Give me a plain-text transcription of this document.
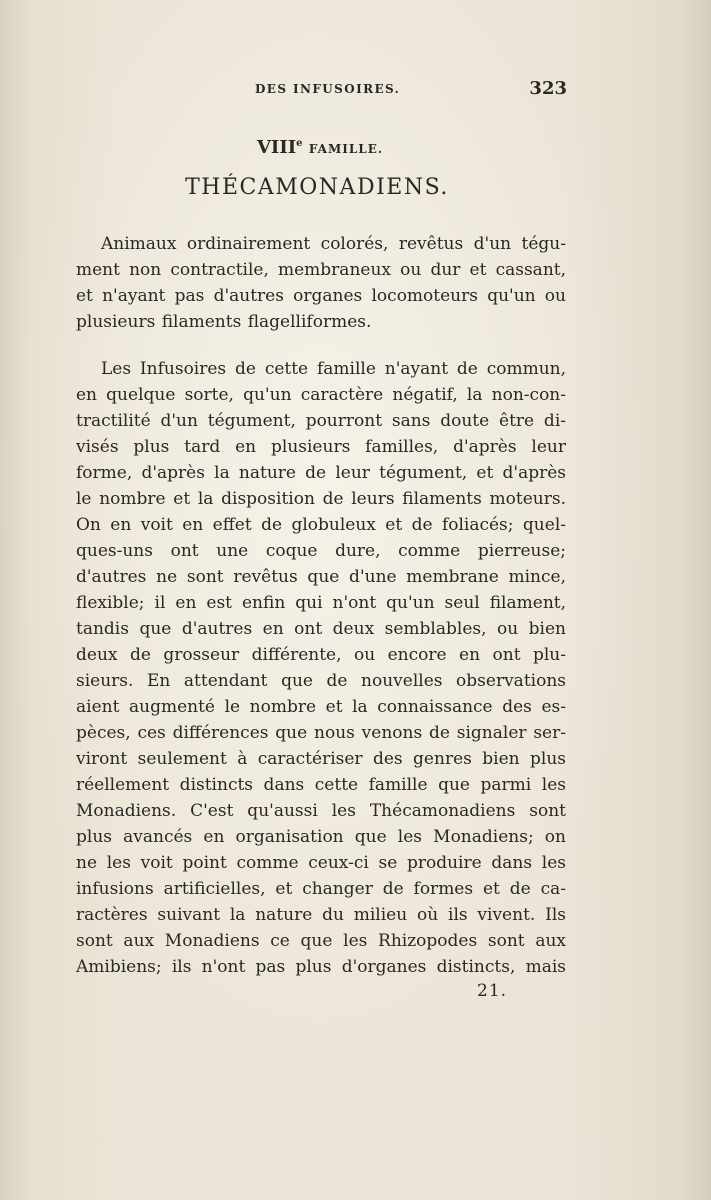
DES INFUSOIRES.	323
VIIIe FAMILLE.
THÉCAMONADIENS.
Animaux ordinairement colorés, revêtus d'un tégu-
ment non contractile, membraneux ou dur et cassant,
et n'ayant pas d'autres organes locomoteurs qu'un ou
plusieurs filaments flagelliformes.
Les Infusoires de cette famille n'ayant de commun,
en quelque sorte, qu'un caractère négatif, la non-con-
tractilité d'un tégument, pourront sans doute être di-
visés plus tard en plusieurs familles, d'après leur
forme, d'après la nature de leur tégument, et d'après
le nombre et la disposition de leurs filaments moteurs.
On en voit en effet de globuleux et de foliacés; quel-
ques-uns ont une coque dure, comme pierreuse;
d'autres ne sont revêtus que d'une membrane mince,
flexible; il en est enfin qui n'ont qu'un seul filament,
tandis que d'autres en ont deux semblables, ou bien
deux de grosseur différente, ou encore en ont plu-
sieurs. En attendant que de nouvelles observations
aient augmenté le nombre et la connaissance des es-
pèces, ces différences que nous venons de signaler ser-
viront seulement à caractériser des genres bien plus
réellement distincts dans cette famille que parmi les
Monadiens. C'est qu'aussi les Thécamonadiens sont
plus avancés en organisation que les Monadiens; on
ne les voit point comme ceux-ci se produire dans les
infusions artificielles, et changer de formes et de ca-
ractères suivant la nature du milieu où ils vivent. Ils
sont aux Monadiens ce que les Rhizopodes sont aux
Amibiens; ils n'ont pas plus d'organes distincts, mais
21.
